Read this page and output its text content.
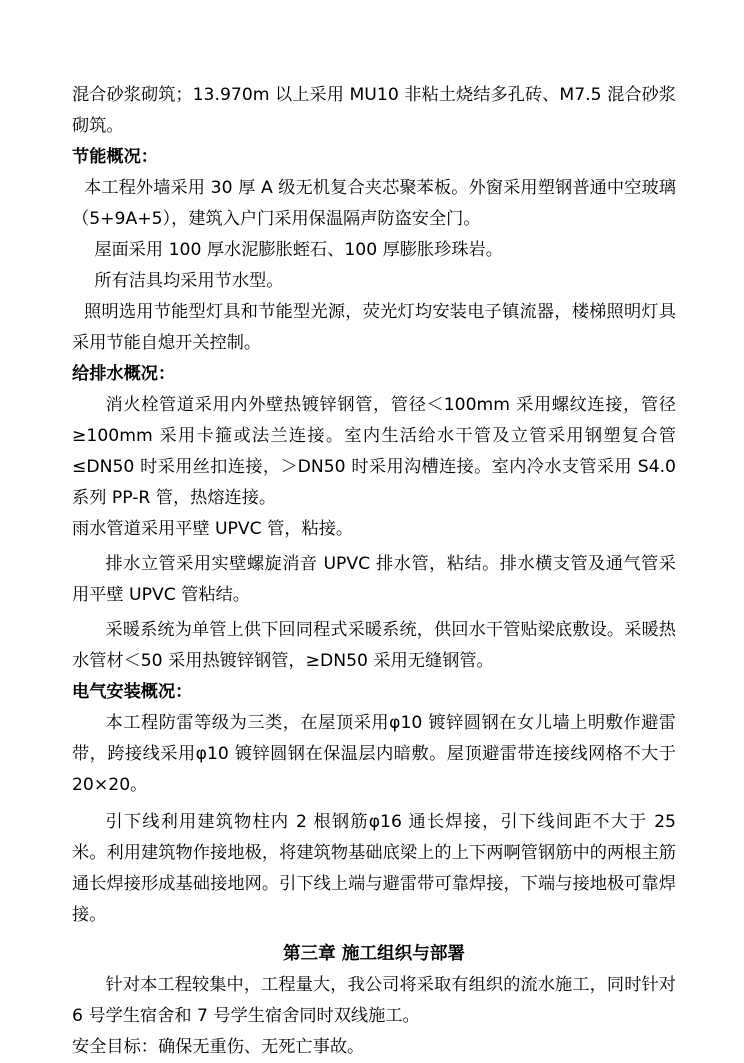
混合砂浆砌筑；13.970m 以上采用 MU10 非粘土烧结多孔砖、M7.5 混合砂浆砌筑。

节能概况：

本工程外墙采用 30 厚 A 级无机复合夹芯聚苯板。外窗采用塑钢普通中空玻璃（5+9A+5），建筑入户门采用保温隔声防盗安全门。

屋面采用 100 厚水泥膨胀蛭石、100 厚膨胀珍珠岩。

所有洁具均采用节水型。

照明选用节能型灯具和节能型光源，荧光灯均安装电子镇流器，楼梯照明灯具采用节能自熄开关控制。

给排水概况：

消火栓管道采用内外壁热镀锌钢管，管径＜100mm 采用螺纹连接，管径≥100mm 采用卡箍或法兰连接。室内生活给水干管及立管采用钢塑复合管≤DN50 时采用丝扣连接，＞DN50 时采用沟槽连接。室内冷水支管采用 S4.0 系列 PP-R 管，热熔连接。

雨水管道采用平壁 UPVC 管，粘接。

排水立管采用实壁螺旋消音 UPVC 排水管，粘结。排水横支管及通气管采用平壁 UPVC 管粘结。

采暖系统为单管上供下回同程式采暖系统，供回水干管贴梁底敷设。采暖热水管材＜50 采用热镀锌钢管，≥DN50 采用无缝钢管。

电气安装概况：

本工程防雷等级为三类，在屋顶采用φ10 镀锌圆钢在女儿墙上明敷作避雷带，跨接线采用φ10 镀锌圆钢在保温层内暗敷。屋顶避雷带连接线网格不大于 20×20。

引下线利用建筑物柱内 2 根钢筋φ16 通长焊接，引下线间距不大于 25 米。利用建筑物作接地极，将建筑物基础底梁上的上下两啊管钢筋中的两根主筋通长焊接形成基础接地网。引下线上端与避雷带可靠焊接，下端与接地极可靠焊接。

第三章 施工组织与部署

针对本工程较集中，工程量大，我公司将采取有组织的流水施工，同时针对 6 号学生宿舍和 7 号学生宿舍同时双线施工。

安全目标：确保无重伤、无死亡事故。
